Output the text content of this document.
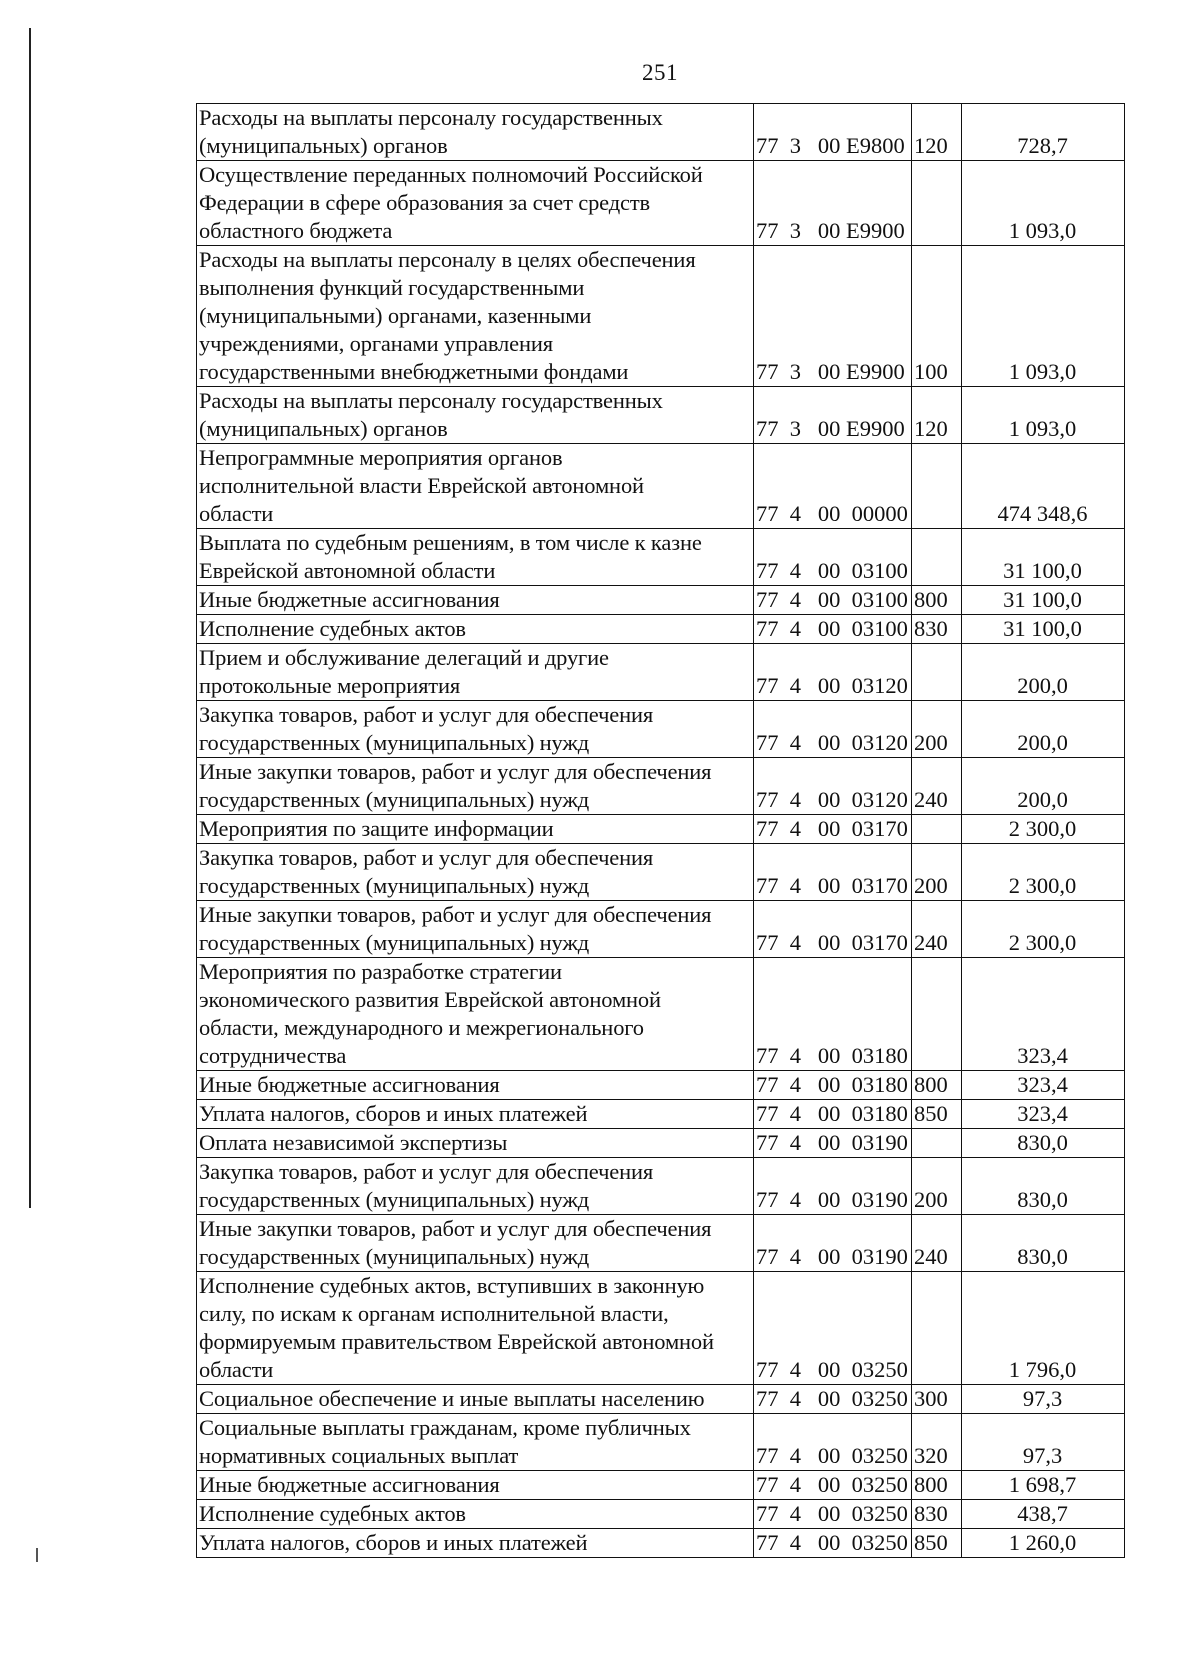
251
Расходы на выплаты персоналу государственных
(муниципальных) органов	77  3   00 Е9800	120	728,7
Осуществление переданных полномочий Российской
Федерации в сфере образования за счет средств
областного бюджета	77  3   00 Е9900		1 093,0
Расходы на выплаты персоналу в целях обеспечения
выполнения функций государственными
(муниципальными) органами, казенными
учреждениями, органами управления
государственными внебюджетными фондами	77  3   00 Е9900	100	1 093,0
Расходы на выплаты персоналу государственных
(муниципальных) органов	77  3   00 Е9900	120	1 093,0
Непрограммные мероприятия органов
исполнительной власти Еврейской автономной
области	77  4   00  00000		474 348,6
Выплата по судебным решениям, в том числе к казне
Еврейской автономной области	77  4   00  03100		31 100,0
Иные бюджетные ассигнования	77  4   00  03100	800	31 100,0
Исполнение судебных актов	77  4   00  03100	830	31 100,0
Прием и обслуживание делегаций и другие
протокольные мероприятия	77  4   00  03120		200,0
Закупка товаров, работ и услуг для обеспечения
государственных (муниципальных) нужд	77  4   00  03120	200	200,0
Иные закупки товаров, работ и услуг для обеспечения
государственных (муниципальных) нужд	77  4   00  03120	240	200,0
Мероприятия по защите информации	77  4   00  03170		2 300,0
Закупка товаров, работ и услуг для обеспечения
государственных (муниципальных) нужд	77  4   00  03170	200	2 300,0
Иные закупки товаров, работ и услуг для обеспечения
государственных (муниципальных) нужд	77  4   00  03170	240	2 300,0
Мероприятия по разработке стратегии
экономического развития Еврейской автономной
области, международного и межрегионального
сотрудничества	77  4   00  03180		323,4
Иные бюджетные ассигнования	77  4   00  03180	800	323,4
Уплата налогов, сборов и иных платежей	77  4   00  03180	850	323,4
Оплата независимой экспертизы	77  4   00  03190		830,0
Закупка товаров, работ и услуг для обеспечения
государственных (муниципальных) нужд	77  4   00  03190	200	830,0
Иные закупки товаров, работ и услуг для обеспечения
государственных (муниципальных) нужд	77  4   00  03190	240	830,0
Исполнение судебных актов, вступивших в законную
силу, по искам к органам исполнительной власти,
формируемым правительством Еврейской автономной
области	77  4   00  03250		1 796,0
Социальное обеспечение и иные выплаты населению	77  4   00  03250	300	97,3
Социальные выплаты гражданам, кроме публичных
нормативных социальных выплат	77  4   00  03250	320	97,3
Иные бюджетные ассигнования	77  4   00  03250	800	1 698,7
Исполнение судебных актов	77  4   00  03250	830	438,7
Уплата налогов, сборов и иных платежей	77  4   00  03250	850	1 260,0
